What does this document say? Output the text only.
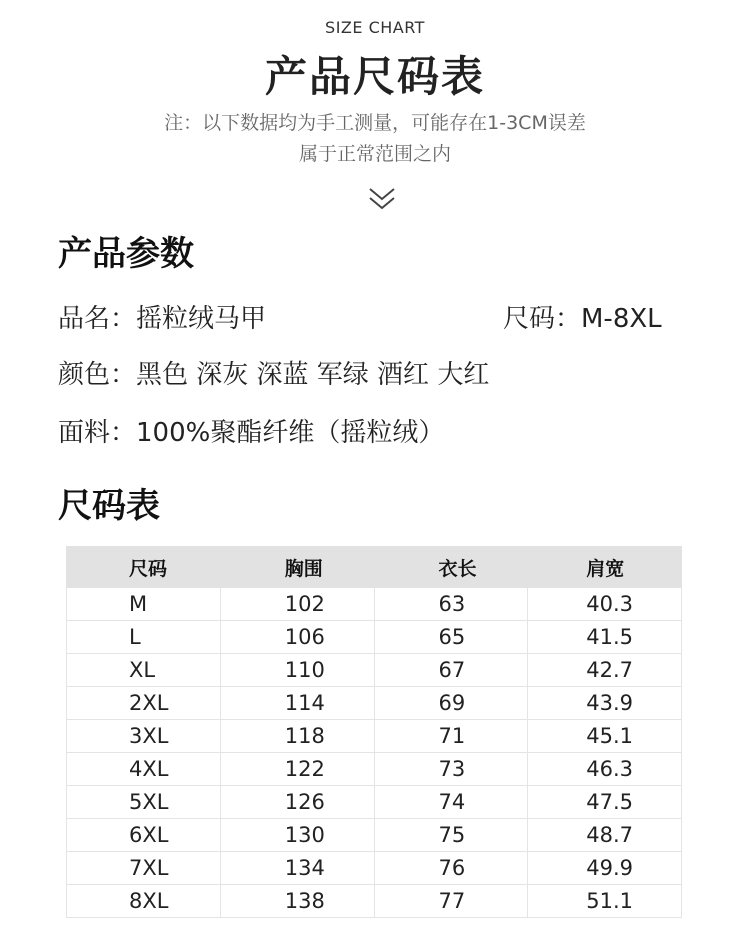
SIZE CHART
产品尺码表
注：以下数据均为手工测量，可能存在1-3CM误差
属于正常范围之内
产品参数
品名：摇粒绒马甲	尺码：M-8XL
颜色：黑色 深灰 深蓝 军绿 酒红 大红
面料：100%聚酯纤维（摇粒绒）
尺码表
尺码	胸围	衣长	肩宽
M	102	63	40.3
L	106	65	41.5
XL	110	67	42.7
2XL	114	69	43.9
3XL	118	71	45.1
4XL	122	73	46.3
5XL	126	74	47.5
6XL	130	75	48.7
7XL	134	76	49.9
8XL	138	77	51.1
